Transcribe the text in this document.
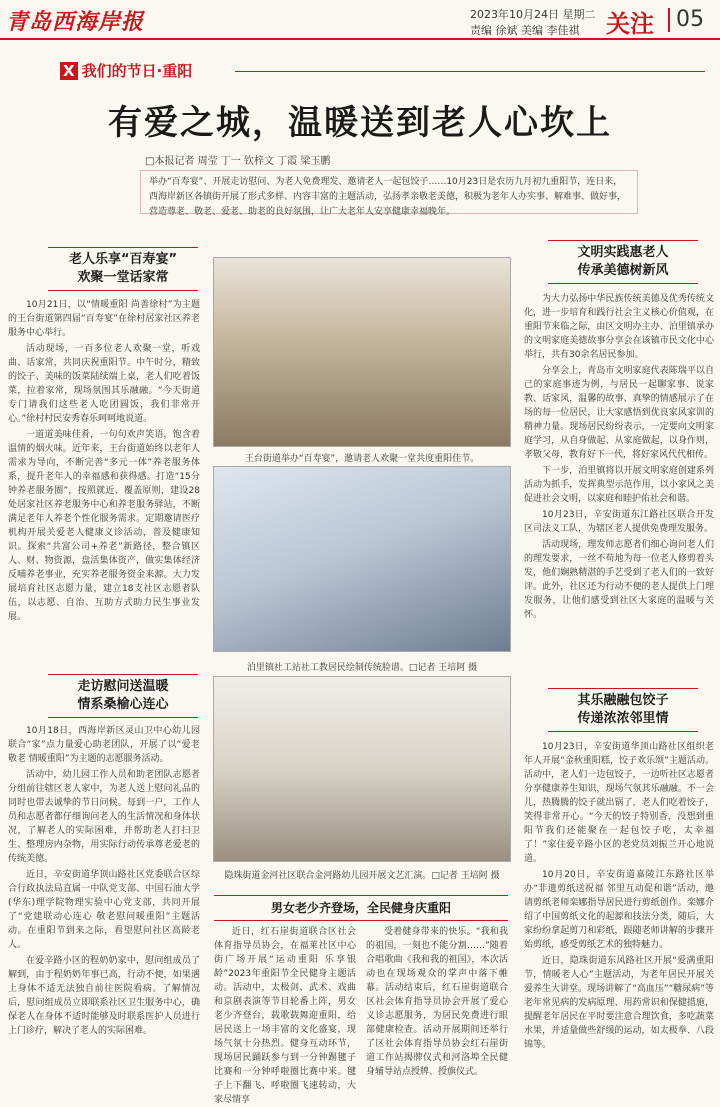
青岛西海岸报	2023年10月24日 星期二
责编 徐斌 美编 李佳祺 关注	05
X 我们的节日·重阳
有爱之城，温暖送到老人心坎上
□本报记者 周莹 丁一 钦梓文 丁霞 梁玉鹏
举办“百寿宴”、开展走访慰问、为老人免费理发、邀请老人一起包饺子……10月23日是农历九月初九重阳节，连日来，西海岸新区各镇街开展了形式多样、内容丰富的主题活动，弘扬孝亲敬老美德，积极为老年人办实事、解难事、做好事，营造尊老、敬老、爱老、助老的良好氛围，让广大老年人安享健康幸福晚年。
老人乐享“百寿宴”
欢聚一堂话家常

10月21日，以“情暖重阳 尚善徐村”为主题的王台街道第四届“百寿宴”在徐村居家社区养老服务中心举行。

活动现场，一百多位老人欢聚一堂，听戏曲、话家常，共同庆祝重阳节。中午时分，精致的饺子、美味的饭菜陆续端上桌，老人们吃着饭菜，拉着家常，现场氛围其乐融融。“今天街道专门请我们这些老人吃团圆饭，我们非常开心。”徐村村民安秀春乐呵呵地说道。

一道道美味佳肴，一句句欢声笑语，饱含着温情的烟火味。近年来，王台街道始终以老年人需求为导向，不断完善“多元一体”养老服务体系，提升老年人的幸福感和获得感。打造“15分钟养老服务圈”，按照就近、覆盖原则，建设28处居家社区养老服务中心和养老服务驿站，不断满足老年人养老个性化服务需求。定期邀请医疗机构开展关爱老人健康义诊活动，普及健康知识。探索“共富公司+养老”新路径，整合镇区人、财、物资源，盘活集体资产，做实集体经济反哺养老事业，充实养老服务资金来源。大力发展培育社区志愿力量，建立18支社区志愿者队伍，以志愿、自治、互助方式助力民生事业发展。

走访慰问送温暖
情系桑榆心连心

10月18日，西海岸新区灵山卫中心幼儿园联合“家”点力量爱心助老团队，开展了以“爱老敬老 情暖重阳”为主题的志愿服务活动。

活动中，幼儿园工作人员和助老团队志愿者分组前往辖区老人家中，为老人送上慰问礼品的同时也带去诚挚的节日问候。每到一户，工作人员和志愿者都仔细询问老人的生活情况和身体状况，了解老人的实际困难，并帮助老人打扫卫生、整理房内杂物，用实际行动传承尊老爱老的传统美德。

近日，辛安街道华顶山路社区党委联合区综合行政执法局直属一中队党支部、中国石油大学(华东)理学院物理实验中心党支部，共同开展了“党建联动心连心 敬老慰问暖重阳”主题活动。在重阳节到来之际，看望慰问社区高龄老人。

在爱辛路小区的程奶奶家中，慰问组成员了解到，由于程奶奶年事已高，行动不便，如果遇上身体不适无法独自前往医院看病。了解情况后，慰问组成员立即联系社区卫生服务中心，确保老人在身体不适时能够及时联系医护人员进行上门诊疗，解决了老人的实际困难。

王台街道举办“百寿宴”，邀请老人欢聚一堂共度重阳佳节。
泊里镇社工站社工教居民绘制传统脸谱。□记者 王培阿 摄
隐珠街道金河社区联合金河路幼儿园开展文艺汇演。□记者 王培阿 摄
男女老少齐登场，全民健身庆重阳

近日，红石崖街道联合区社会体育指导员协会，在福莱社区中心街广场开展“运动重阳 乐享银龄”2023年重阳节全民健身主题活动。活动中，太极剑、武术、戏曲和京剧表演等节目轮番上阵，男女老少齐登台，载歌载舞迎重阳，给居民送上一场丰富的文化盛宴，现场气氛十分热烈。健身互动环节，现场居民踊跃参与到一分钟踢毽子比赛和一分钟呼啦圈比赛中来。毽子上下翻飞、呼啦圈飞速转动，大家尽情享

受着健身带来的快乐。“我和我的祖国，一刻也不能分割……”随着合唱歌曲《我和我的祖国》，本次活动也在现场观众的掌声中落下帷幕。活动结束后，红石崖街道联合区社会体育指导员协会开展了爱心义诊志愿服务，为居民免费进行眼部健康检查。活动开展期间还举行了区社会体育指导员协会红石崖街道工作站揭牌仪式和河洛埠全民健身辅导站点授牌、授旗仪式。

文明实践惠老人
传承美德树新风

为大力弘扬中华民族传统美德及优秀传统文化，进一步培育和践行社会主义核心价值观，在重阳节来临之际，由区文明办主办、泊里镇承办的文明家庭美德故事分享会在该镇市民文化中心举行，共有30余名居民参加。

分享会上，青岛市文明家庭代表陈瑞平以自己的家庭事迹为例，与居民一起聊家事、说家教、话家风，温馨的故事、真挚的情感展示了在场的每一位居民，让大家感悟到优良家风家训的精神力量。现场居民纷纷表示，一定要向文明家庭学习，从自身做起、从家庭做起，以身作则，孝敬父母，教育好下一代，将好家风代代相传。

下一步，泊里镇将以开展文明家庭创建系列活动为抓手，发挥典型示范作用，以小家风之美促进社会文明，以家庭和睦护佑社会和谐。

10月23日，辛安街道东江路社区联合开发区司法义工队，为辖区老人提供免费理发服务。

活动现场，理发师志愿者们细心询问老人们的理发要求，一丝不苟地为每一位老人修剪着头发，他们娴熟精湛的手艺受到了老人们的一致好评。此外，社区还为行动不便的老人提供上门理发服务，让他们感受到社区大家庭的温暖与关怀。

其乐融融包饺子
传递浓浓邻里情

10月23日，辛安街道华顶山路社区组织老年人开展“金秋重阳糕，饺子欢乐颂”主题活动。活动中，老人们一边包饺子，一边听社区志愿者分享健康养生知识，现场气氛其乐融融。不一会儿，热腾腾的饺子就出锅了，老人们吃着饺子，笑得非常开心。“今天的饺子特别香，没想到重阳节我们还能聚在一起包饺子吃，太幸福了！”家住爱辛路小区的老党员刘振兰开心地说道。

10月20日，辛安街道嘉陵江东路社区举办“非遗剪纸送祝福 邻里互动促和谐”活动，邀请剪纸老师栾娜指导居民进行剪纸创作。栾娜介绍了中国剪纸文化的起源和技法分类，随后，大家纷纷拿起剪刀和彩纸，跟随老师讲解的步骤开始剪纸，感受剪纸艺术的独特魅力。

近日，隐珠街道东风路社区开展“爱满重阳节，情暖老人心”主题活动，为老年居民开展关爱养生大讲堂。现场讲解了“高血压”“糖尿病”等老年常见病的发病原理、用药常识和保健措施，提醒老年居民在平时要注意合理饮食，多吃蔬菜水果，并适量做些舒缓的运动，如太极拳、八段锦等。
